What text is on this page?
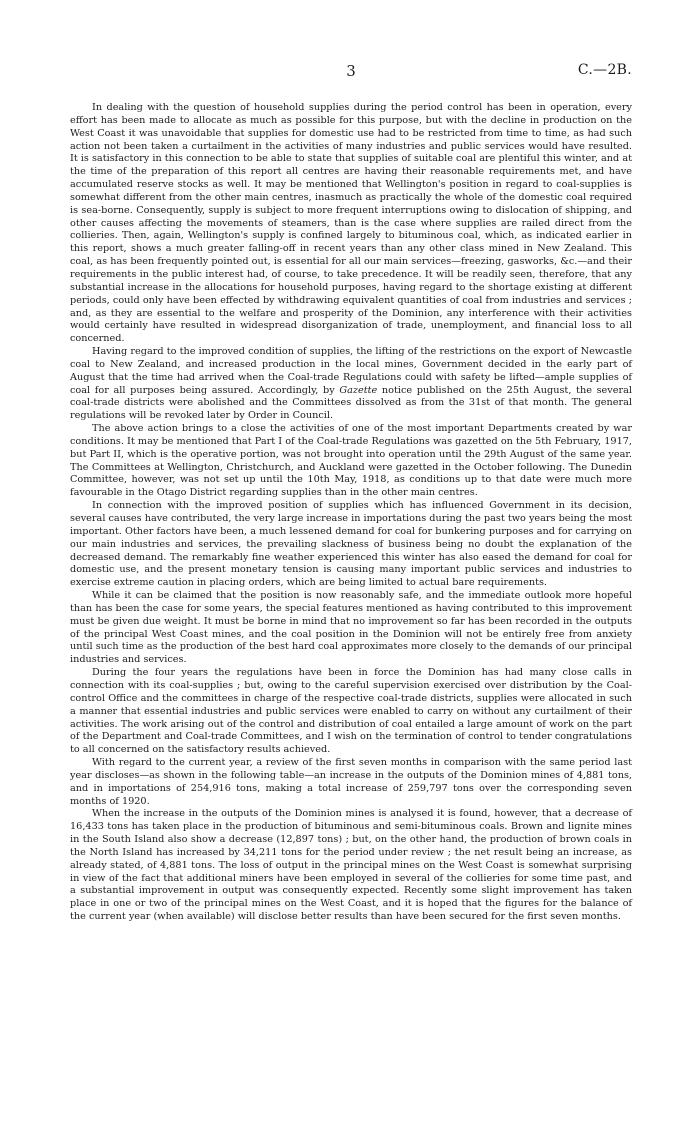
3	C.—2B.

In dealing with the question of household supplies during the period control has been in operation, every effort has been made to allocate as much as possible for this purpose, but with the decline in production on the West Coast it was unavoidable that supplies for domestic use had to be restricted from time to time, as had such action not been taken a curtailment in the activities of many industries and public services would have resulted. It is satisfactory in this connection to be able to state that supplies of suitable coal are plentiful this winter, and at the time of the preparation of this report all centres are having their reasonable requirements met, and have accumulated reserve stocks as well. It may be mentioned that Wellington's position in regard to coal-supplies is somewhat different from the other main centres, inasmuch as practically the whole of the domestic coal required is sea-borne. Consequently, supply is subject to more frequent interruptions owing to dislocation of shipping, and other causes affecting the movements of steamers, than is the case where supplies are railed direct from the collieries. Then, again, Wellington's supply is confined largely to bituminous coal, which, as indicated earlier in this report, shows a much greater falling-off in recent years than any other class mined in New Zealand. This coal, as has been frequently pointed out, is essential for all our main services—freezing, gasworks, &c.—and their requirements in the public interest had, of course, to take precedence. It will be readily seen, therefore, that any substantial increase in the allocations for household purposes, having regard to the shortage existing at different periods, could only have been effected by withdrawing equivalent quantities of coal from industries and services ; and, as they are essential to the welfare and prosperity of the Dominion, any interference with their activities would certainly have resulted in widespread disorganization of trade, unemployment, and financial loss to all concerned.

Having regard to the improved condition of supplies, the lifting of the restrictions on the export of Newcastle coal to New Zealand, and increased production in the local mines, Government decided in the early part of August that the time had arrived when the Coal-trade Regulations could with safety be lifted—ample supplies of coal for all purposes being assured. Accordingly, by Gazette notice published on the 25th August, the several coal-trade districts were abolished and the Committees dissolved as from the 31st of that month. The general regulations will be revoked later by Order in Council.

The above action brings to a close the activities of one of the most important Departments created by war conditions. It may be mentioned that Part I of the Coal-trade Regulations was gazetted on the 5th February, 1917, but Part II, which is the operative portion, was not brought into operation until the 29th August of the same year. The Committees at Wellington, Christchurch, and Auckland were gazetted in the October following. The Dunedin Committee, however, was not set up until the 10th May, 1918, as conditions up to that date were much more favourable in the Otago District regarding supplies than in the other main centres.

In connection with the improved position of supplies which has influenced Government in its decision, several causes have contributed, the very large increase in importations during the past two years being the most important. Other factors have been, a much lessened demand for coal for bunkering purposes and for carrying on our main industries and services, the prevailing slackness of business being no doubt the explanation of the decreased demand. The remarkably fine weather experienced this winter has also eased the demand for coal for domestic use, and the present monetary tension is causing many important public services and industries to exercise extreme caution in placing orders, which are being limited to actual bare requirements.

While it can be claimed that the position is now reasonably safe, and the immediate outlook more hopeful than has been the case for some years, the special features mentioned as having contributed to this improvement must be given due weight. It must be borne in mind that no improvement so far has been recorded in the outputs of the principal West Coast mines, and the coal position in the Dominion will not be entirely free from anxiety until such time as the production of the best hard coal approximates more closely to the demands of our principal industries and services.

During the four years the regulations have been in force the Dominion has had many close calls in connection with its coal-supplies ; but, owing to the careful supervision exercised over distribution by the Coal-control Office and the committees in charge of the respective coal-trade districts, supplies were allocated in such a manner that essential industries and public services were enabled to carry on without any curtailment of their activities. The work arising out of the control and distribution of coal entailed a large amount of work on the part of the Department and Coal-trade Committees, and I wish on the termination of control to tender congratulations to all concerned on the satisfactory results achieved.

With regard to the current year, a review of the first seven months in comparison with the same period last year discloses—as shown in the following table—an increase in the outputs of the Dominion mines of 4,881 tons, and in importations of 254,916 tons, making a total increase of 259,797 tons over the corresponding seven months of 1920.

When the increase in the outputs of the Dominion mines is analysed it is found, however, that a decrease of 16,433 tons has taken place in the production of bituminous and semi-bituminous coals. Brown and lignite mines in the South Island also show a decrease (12,897 tons) ; but, on the other hand, the production of brown coals in the North Island has increased by 34,211 tons for the period under review ; the net result being an increase, as already stated, of 4,881 tons. The loss of output in the principal mines on the West Coast is somewhat surprising in view of the fact that additional miners have been employed in several of the collieries for some time past, and a substantial improvement in output was consequently expected. Recently some slight improvement has taken place in one or two of the principal mines on the West Coast, and it is hoped that the figures for the balance of the current year (when available) will disclose better results than have been secured for the first seven months.
